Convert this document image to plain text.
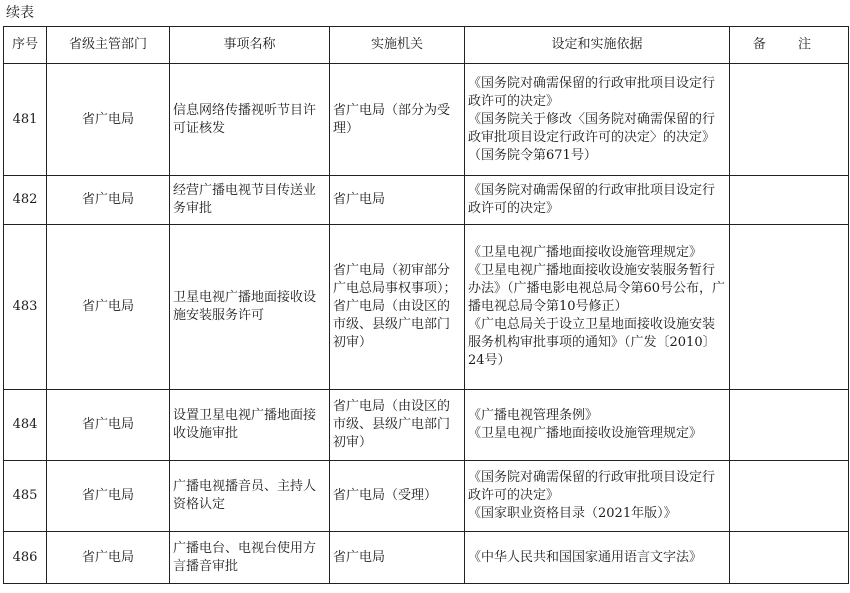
续表
序号	省级主管部门	事项名称	实施机关	设定和实施依据	备 注
481	省广电局	信息网络传播视听节目许可证核发	省广电局（部分为受理）	《国务院对确需保留的行政审批项目设定行政许可的决定》
《国务院关于修改〈国务院对确需保留的行政审批项目设定行政许可的决定〉的决定》（国务院令第671号）	
482	省广电局	经营广播电视节目传送业务审批	省广电局	《国务院对确需保留的行政审批项目设定行政许可的决定》	
483	省广电局	卫星电视广播地面接收设施安装服务许可	省广电局（初审部分广电总局事权事项）；省广电局（由设区的市级、县级广电部门初审）	《卫星电视广播地面接收设施管理规定》
《卫星电视广播地面接收设施安装服务暂行办法》（广播电影电视总局令第60号公布，广播电视总局令第10号修正）
《广电总局关于设立卫星地面接收设施安装服务机构审批事项的通知》（广发〔2010〕24号）	
484	省广电局	设置卫星电视广播地面接收设施审批	省广电局（由设区的市级、县级广电部门初审）	《广播电视管理条例》
《卫星电视广播地面接收设施管理规定》	
485	省广电局	广播电视播音员、主持人资格认定	省广电局（受理）	《国务院对确需保留的行政审批项目设定行政许可的决定》
《国家职业资格目录（2021年版）》	
486	省广电局	广播电台、电视台使用方言播音审批	省广电局	《中华人民共和国国家通用语言文字法》	
